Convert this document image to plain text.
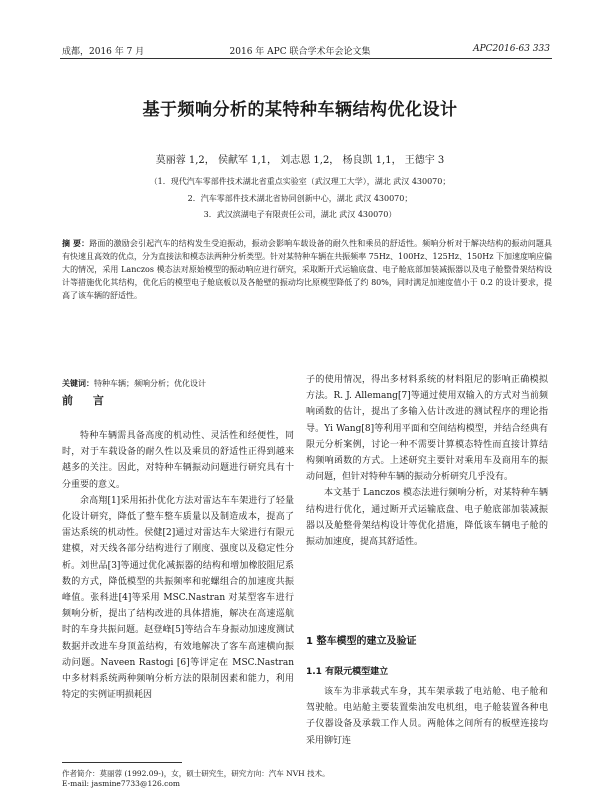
成都，2016 年 7 月	2016 年 APC 联合学术年会论文集	APC2016-63 333
基于频响分析的某特种车辆结构优化设计
莫丽蓉 1,2， 侯献军 1,1， 刘志恩 1,2， 杨良凯 1,1， 王德宇 3
（1．现代汽车零部件技术湖北省重点实验室（武汉理工大学），湖北 武汉 430070；
2．汽车零部件技术湖北省协同创新中心，湖北 武汉 430070；
3．武汉滨湖电子有限责任公司，湖北 武汉 430070）
摘 要：路面的激励会引起汽车的结构发生受迫振动，振动会影响车载设备的耐久性和乘员的舒适性。频响分析对于解决结构的振动问题具有快速且高效的优点，分为直接法和模态法两种分析类型。针对某特种车辆在共振频率 75Hz、100Hz、125Hz、150Hz 下加速度响应偏大的情况，采用 Lanczos 模态法对原始模型的振动响应进行研究，采取断开式运输底盘、电子舱底部加装减振器以及电子舱整骨架结构设计等措施优化其结构，优化后的模型电子舱底板以及各舱壁的振动均比原模型降低了约 80%，同时满足加速度值小于 0.2 的设计要求，提高了该车辆的舒适性。
关键词：特种车辆；频响分析；优化设计
前 言

特种车辆需具备高度的机动性、灵活性和经便性，同时，对于车载设备的耐久性以及乘员的舒适性正得到越来越多的关注。因此，对特种车辆振动问题进行研究具有十分重要的意义。

余高翔[1]采用拓扑优化方法对雷达车车架进行了轻量化设计研究，降低了整车整车质量以及制造成本，提高了雷达系统的机动性。侯健[2]通过对雷达车大梁进行有限元建模，对天线各部分结构进行了刚度、强度以及稳定性分析。刘世品[3]等通过优化减振器的结构和增加橡胶阻尼系数的方式，降低模型的共振频率和驼螺组合的加速度共振峰值。张科进[4]等采用 MSC.Nastran 对某型客车进行频响分析，提出了结构改进的具体措施，解决在高速巡航时的车身共振问题。赵登峰[5]等结合车身振动加速度测试数据并改进车身顶盖结构，有效地解决了客车高速横向振动问题。Naveen Rastogi [6]等评定在 MSC.Nastran 中多材料系统两种频响分析方法的限制因素和能力，利用特定的实例证明损耗因

子的使用情况，得出多材料系统的材料阻尼的影响正确模拟方法。R. J. Allemang[7]等通过使用双输入的方式对当前频响函数的估计，提出了多输入估计改进的测试程序的理论指导。Yi Wang[8]等利用平面和空间结构模型，并结合经典有限元分析案例，讨论一种不需要计算模态特性而直接计算结构频响函数的方式。上述研究主要针对乘用车及商用车的振动问题，但针对特种车辆的振动分析研究几乎没有。

本文基于 Lanczos 模态法进行频响分析，对某特种车辆结构进行优化，通过断开式运输底盘、电子舱底部加装减振器以及舱整骨架结构设计等优化措施，降低该车辆电子舱的振动加速度，提高其舒适性。

1 整车模型的建立及验证
1.1 有限元模型建立

该车为非承载式车身，其车架承载了电站舱、电子舱和驾驶舱。电站舱主要装置柴油发电机组，电子舱装置各种电子仪器设备及承载工作人员。两舱体之间所有的板壁连接均采用铆钉连

作者简介：莫丽蓉 (1992.09-)，女，硕士研究生，研究方向：汽车 NVH 技术。
E-mail: jasmine7733@126.com
